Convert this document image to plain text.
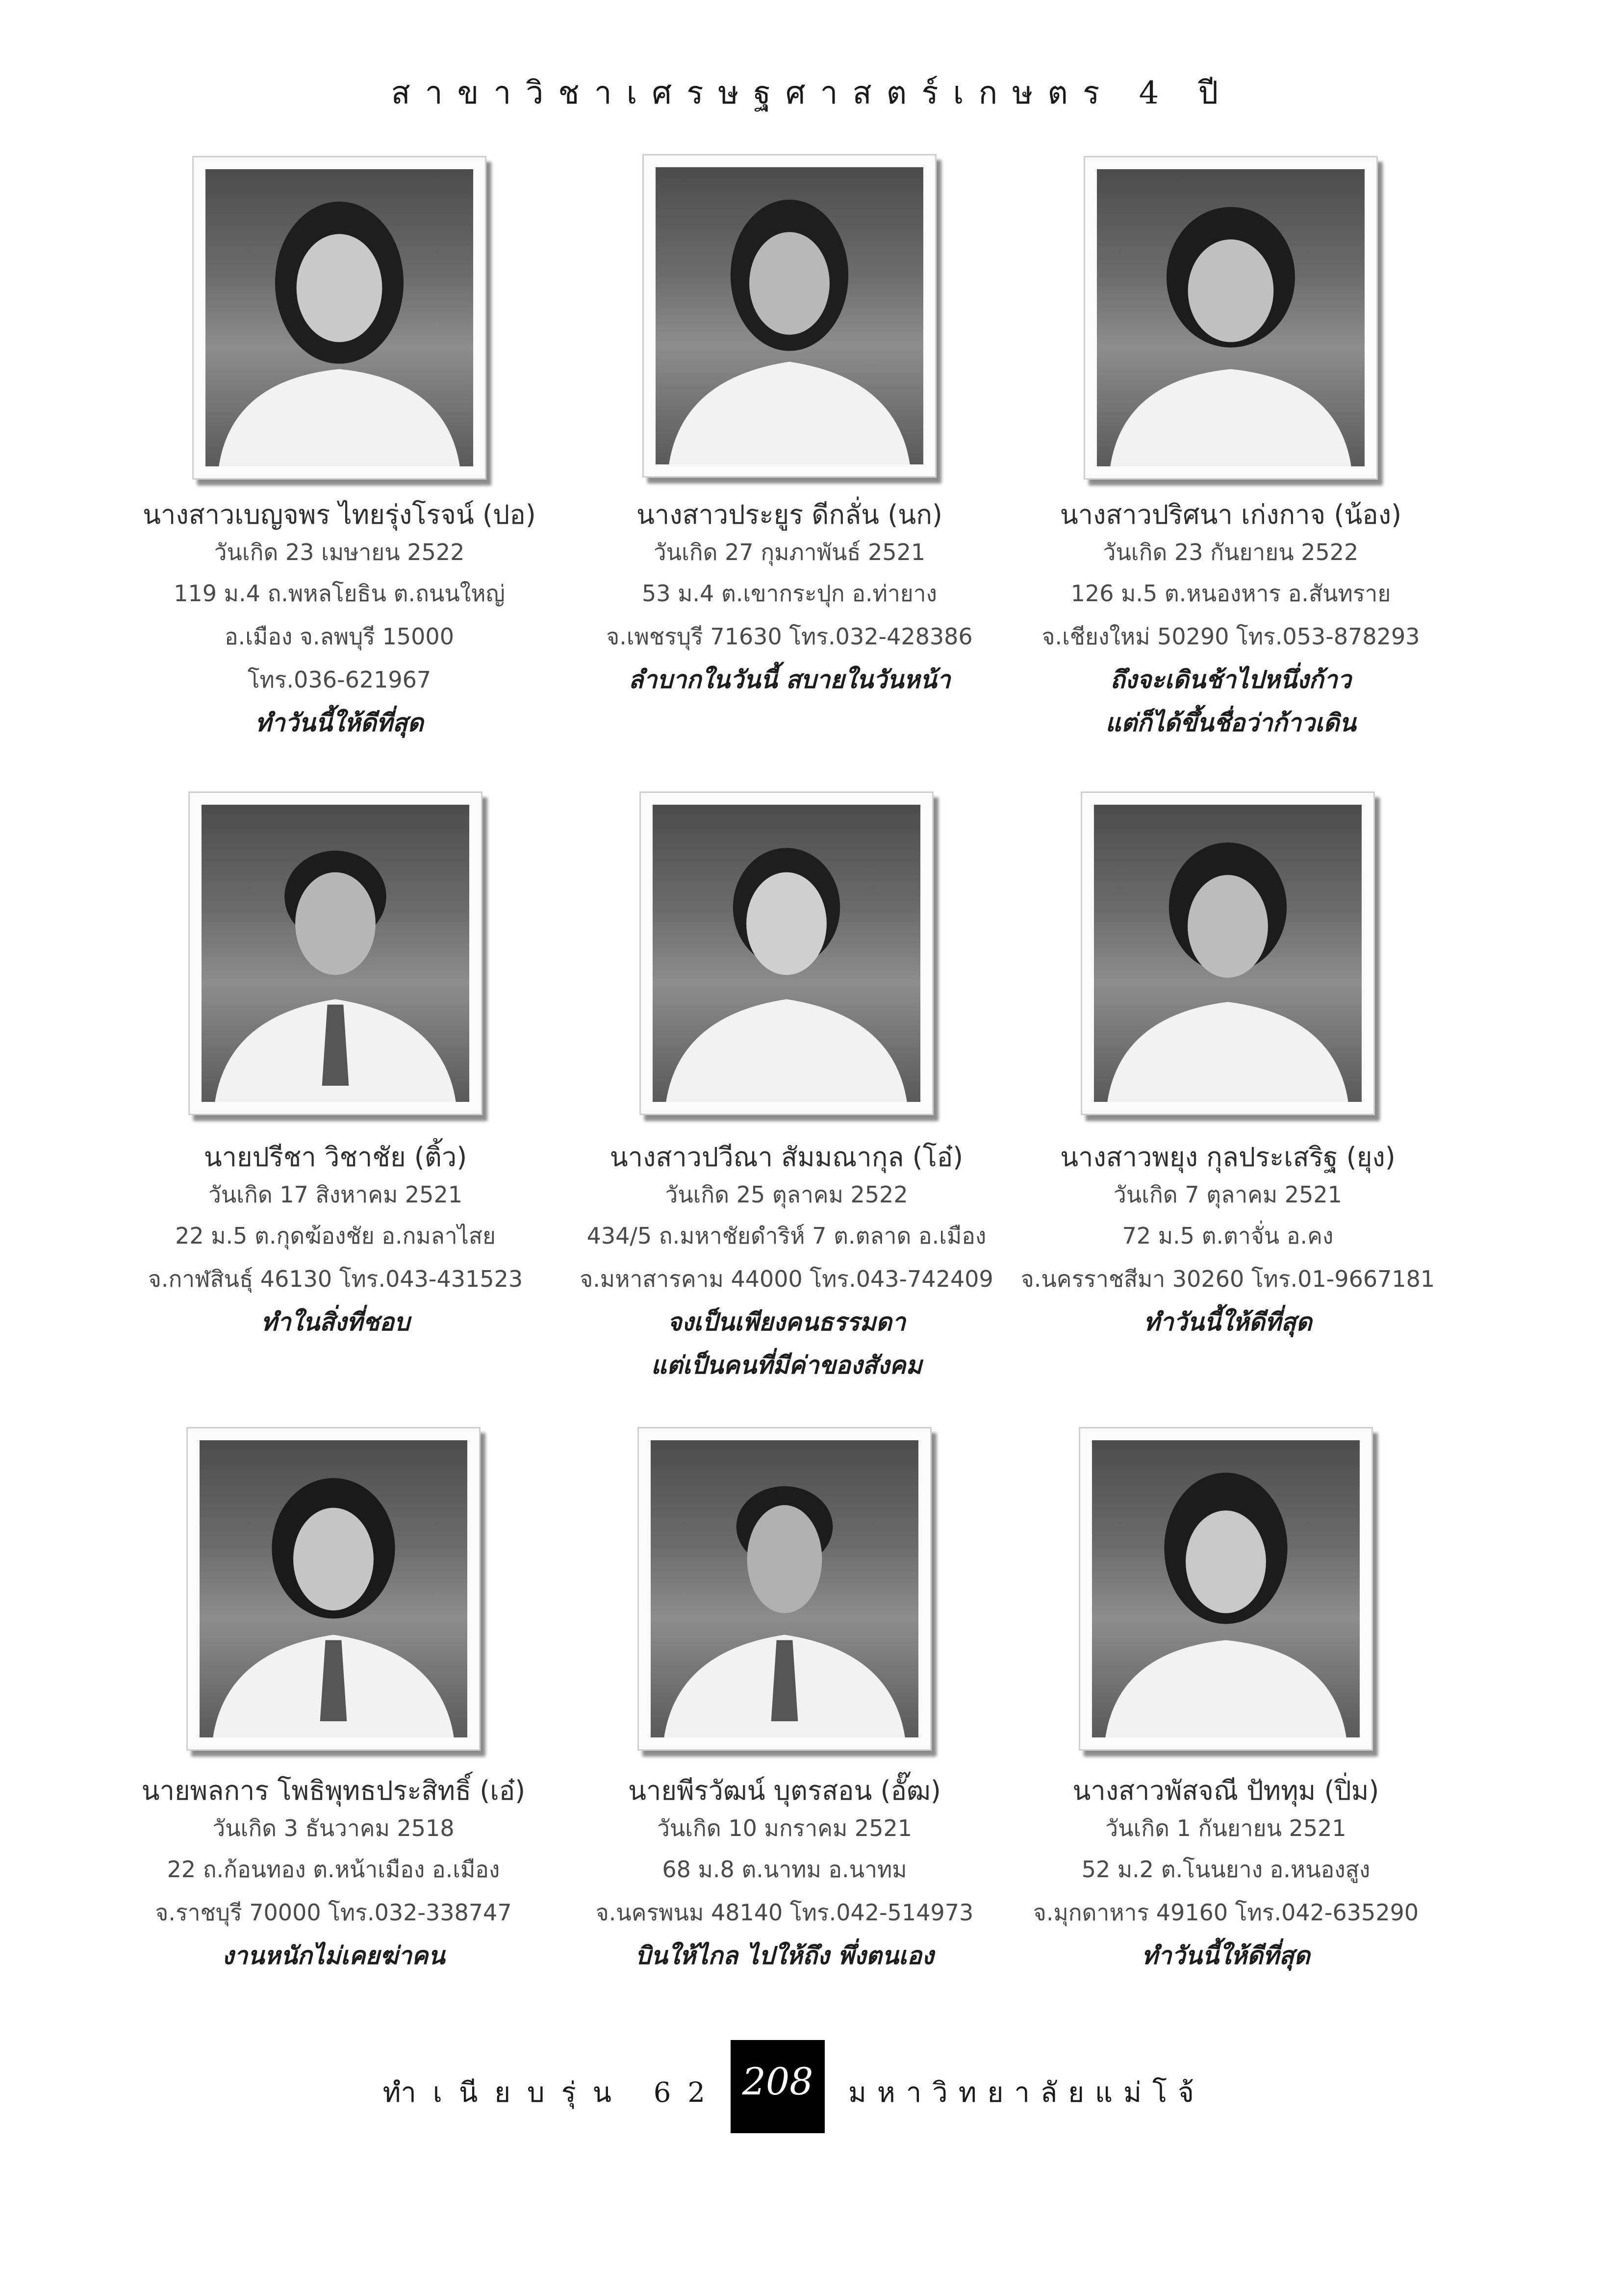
สาขาวิชาเศรษฐศาสตร์เกษตร 4 ปี

นางสาวเบญจพร ไทยรุ่งโรจน์ (ปอ)

วันเกิด 23 เมษายน 2522

119 ม.4 ถ.พหลโยธิน ต.ถนนใหญ่

อ.เมือง จ.ลพบุรี 15000

โทร.036-621967

ทำวันนี้ให้ดีที่สุด

นางสาวประยูร ดีกลั่น (นก)

วันเกิด 27 กุมภาพันธ์ 2521

53 ม.4 ต.เขากระปุก อ.ท่ายาง

จ.เพชรบุรี 71630 โทร.032-428386

ลำบากในวันนี้ สบายในวันหน้า

นางสาวปริศนา เก่งกาจ (น้อง)

วันเกิด 23 กันยายน 2522

126 ม.5 ต.หนองหาร อ.สันทราย

จ.เชียงใหม่ 50290 โทร.053-878293

ถึงจะเดินช้าไปหนึ่งก้าว

แต่ก็ได้ขึ้นชื่อว่าก้าวเดิน

นายปรีชา วิชาชัย (ติ้ว)

วันเกิด 17 สิงหาคม 2521

22 ม.5 ต.กุดฆ้องชัย อ.กมลาไสย

จ.กาฬสินธุ์ 46130 โทร.043-431523

ทำในสิ่งที่ชอบ

นางสาวปวีณา สัมมณากุล (โอ๋)

วันเกิด 25 ตุลาคม 2522

434/5 ถ.มหาชัยดำริห์ 7 ต.ตลาด อ.เมือง

จ.มหาสารคาม 44000 โทร.043-742409

จงเป็นเพียงคนธรรมดา

แต่เป็นคนที่มีค่าของสังคม

นางสาวพยุง กุลประเสริฐ (ยุง)

วันเกิด 7 ตุลาคม 2521

72 ม.5 ต.ตาจั่น อ.คง

จ.นครราชสีมา 30260 โทร.01-9667181

ทำวันนี้ให้ดีที่สุด

นายพลการ โพธิพุทธประสิทธิ์ (เอ๋)

วันเกิด 3 ธันวาคม 2518

22 ถ.ก้อนทอง ต.หน้าเมือง อ.เมือง

จ.ราชบุรี 70000 โทร.032-338747

งานหนักไม่เคยฆ่าคน

นายพีรวัฒน์ บุตรสอน (อั๊ฒ)

วันเกิด 10 มกราคม 2521

68 ม.8 ต.นาทม อ.นาทม

จ.นครพนม 48140 โทร.042-514973

บินให้ไกล ไปให้ถึง พึ่งตนเอง

นางสาวพัสจณี ปัททุม (ปิ่ม)

วันเกิด 1 กันยายน 2521

52 ม.2 ต.โนนยาง อ.หนองสูง

จ.มุกดาหาร 49160 โทร.042-635290

ทำวันนี้ให้ดีที่สุด

ทำเนียบรุ่น 62 208	มหาวิทยาลัยแม่โจ้
